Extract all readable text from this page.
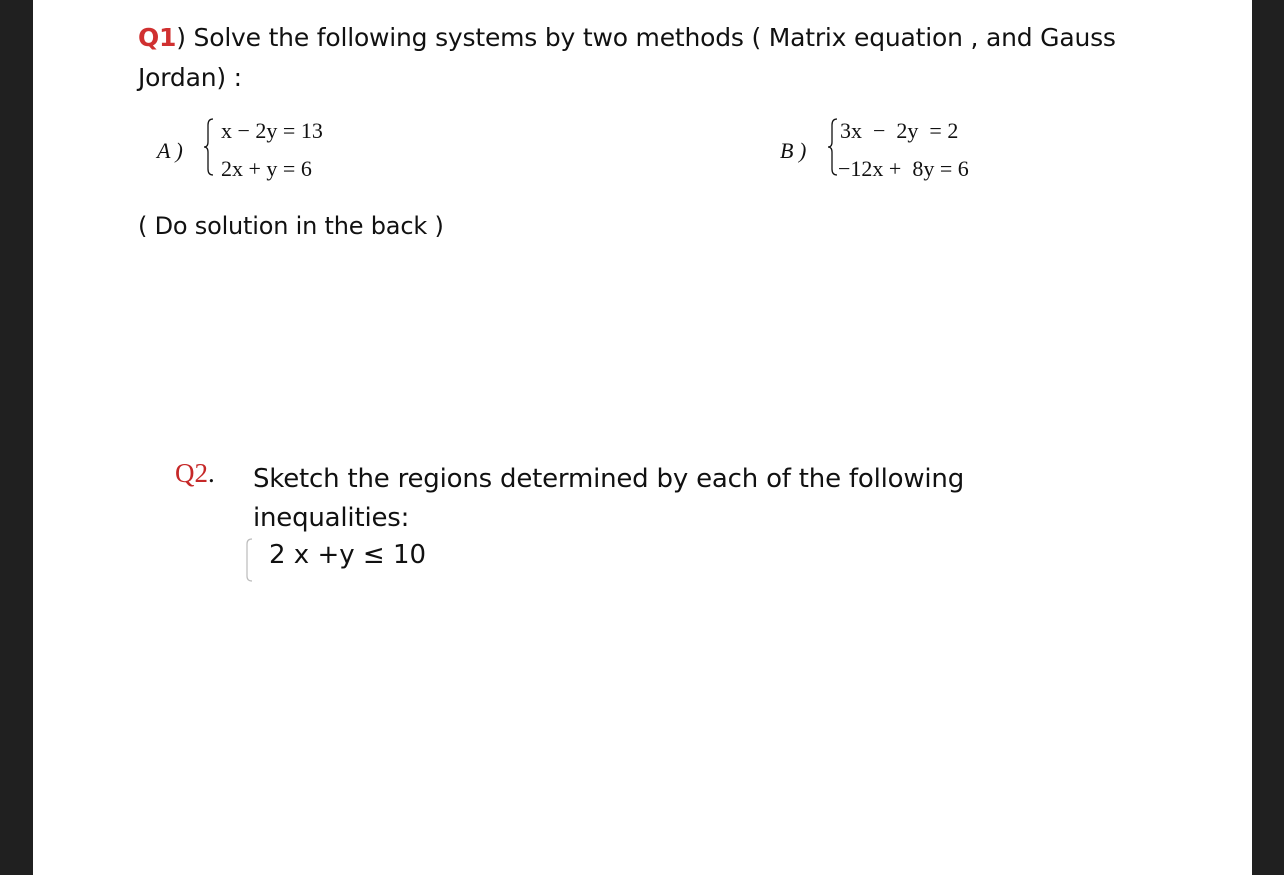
Q1) Solve the following systems by two methods ( Matrix equation , and Gauss Jordan) :
A )
x − 2y = 13
2x + y = 6
B )
3x  −  2y = 2
−12x +  8y = 6
( Do solution in the back )
Q2. Sketch the regions determined by each of the following inequalities:
2 x +y ≤ 10
